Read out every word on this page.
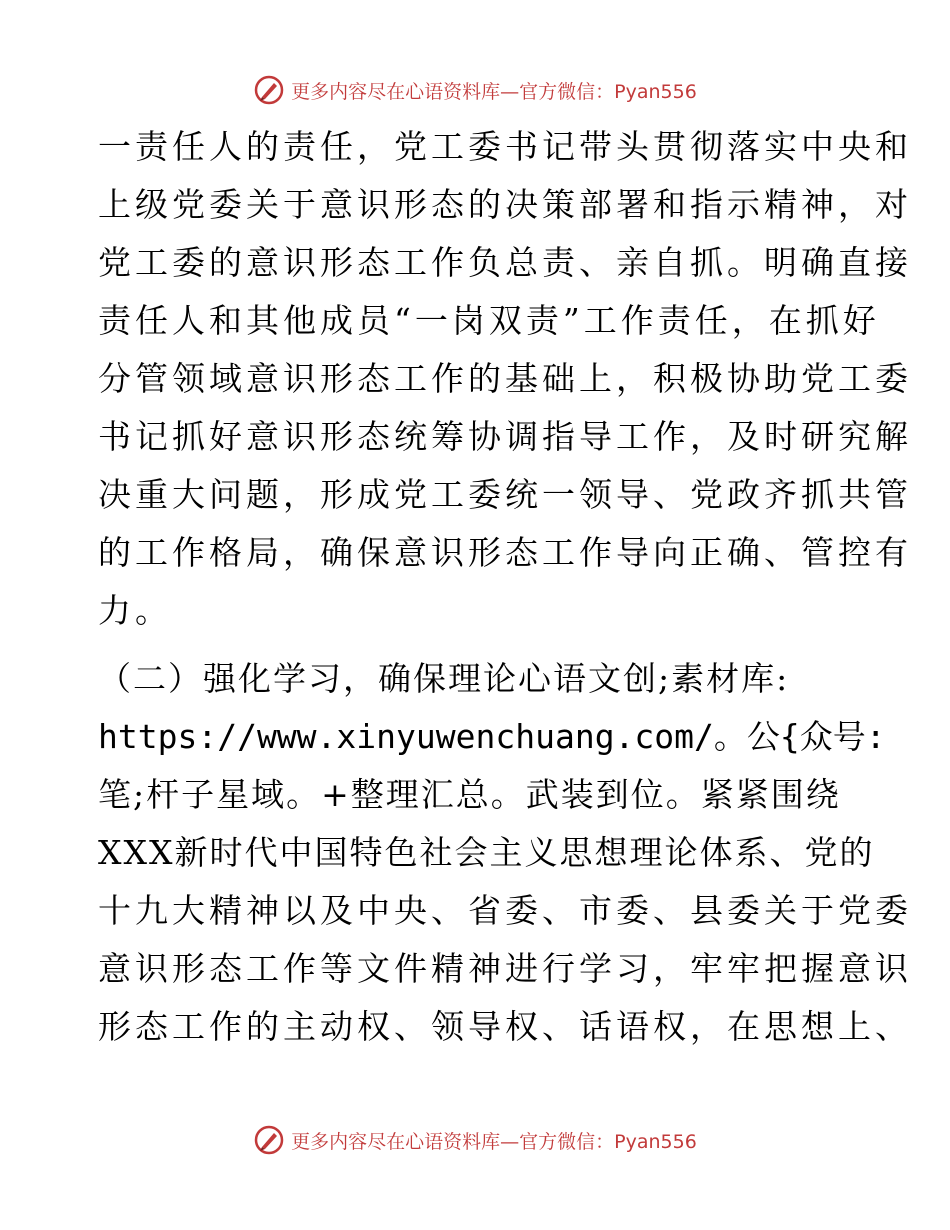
更多内容尽在心语资料库—官方微信：Pyan556
一责任人的责任，党工委书记带头贯彻落实中央和
上级党委关于意识形态的决策部署和指示精神，对
党工委的意识形态工作负总责、亲自抓。明确直接
责任人和其他成员“一岗双责”工作责任，在抓好
分管领域意识形态工作的基础上，积极协助党工委
书记抓好意识形态统筹协调指导工作，及时研究解
决重大问题，形成党工委统一领导、党政齐抓共管
的工作格局，确保意识形态工作导向正确、管控有
力。
（二）强化学习，确保理论心语文创;素材库:
https://www.xinyuwenchuang.com/。公{众号:
笔;杆子星域。+整理汇总。武装到位。紧紧围绕
XXX新时代中国特色社会主义思想理论体系、党的
十九大精神以及中央、省委、市委、县委关于党委
意识形态工作等文件精神进行学习，牢牢把握意识
形态工作的主动权、领导权、话语权，在思想上、
更多内容尽在心语资料库—官方微信：Pyan556
